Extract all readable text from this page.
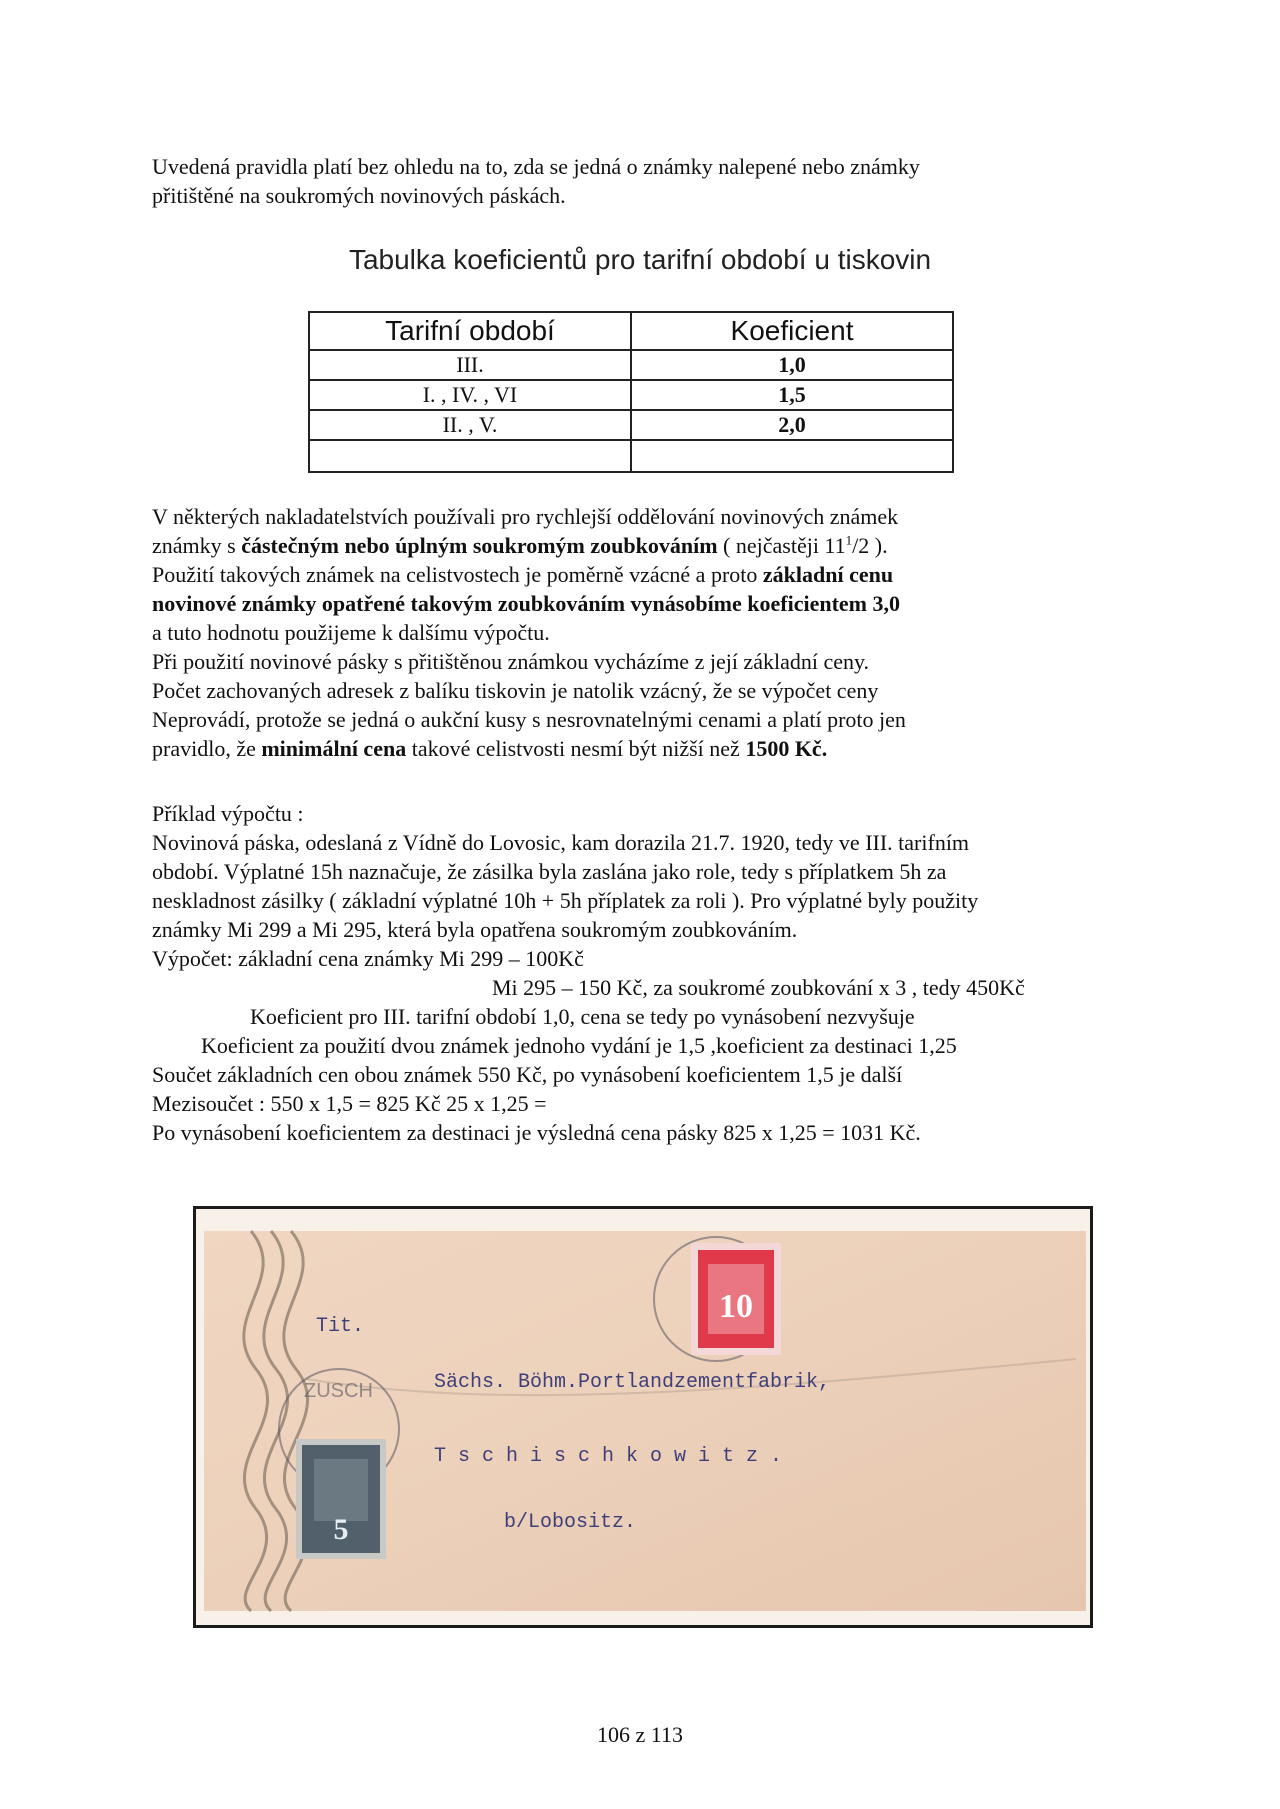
Uvedená pravidla platí bez ohledu na to, zda se jedná o známky nalepené nebo známky
přitištěné na soukromých novinových páskách.
Tabulka koeficientů pro tarifní období u tiskovin
Tarifní období	Koeficient
III.	1,0
I. , IV. , VI	1,5
II. , V.	2,0

V některých nakladatelstvích používali pro rychlejší oddělování novinových známek
známky s částečným nebo úplným soukromým zoubkováním ( nejčastěji $11^1/2$ ).
Použití takových známek na celistvostech je poměrně vzácné a proto základní cenu
novinové známky opatřené takovým zoubkováním vynásobíme koeficientem 3,0
a tuto hodnotu použijeme k dalšímu výpočtu.
Při použití novinové pásky s přitištěnou známkou vycházíme z její základní ceny.
Počet zachovaných adresek z balíku tiskovin je natolik vzácný, že se výpočet ceny
Neprovádí, protože se jedná o aukční kusy s nesrovnatelnými cenami a platí proto jen
pravidlo, že minimální cena takové celistvosti nesmí být nižší než 1500 Kč.
Příklad výpočtu :
Novinová páska, odeslaná z Vídně do Lovosic, kam dorazila 21.7. 1920, tedy ve III. tarifním
období. Výplatné 15h naznačuje, že zásilka byla zaslána jako role, tedy s příplatkem 5h za
neskladnost zásilky ( základní výplatné 10h + 5h příplatek za roli ). Pro výplatné byly použity
známky Mi 299 a Mi 295, která byla opatřena soukromým zoubkováním.
Výpočet: základní cena známky Mi 299 – 100Kč
Mi 295 – 150 Kč, za soukromé zoubkování x 3 , tedy 450Kč
Koeficient pro III. tarifní období 1,0, cena se tedy po vynásobení nezvyšuje
Koeficient za použití dvou známek jednoho vydání je 1,5 ,koeficient za destinaci 1,25
Součet základních cen obou známek 550 Kč, po vynásobení koeficientem 1,5 je další
Mezisoučet : 550 x 1,5 = 825 Kč 25 x 1,25 =
Po vynásobení koeficientem za destinaci je výsledná cena pásky 825 x 1,25 = 1031 Kč.
ZUSCH
10
5
Tit.
Sächs. Böhm.Portlandzementfabrik,
T s c h i s c h k o w i t z .
b/Lobositz.
106 z 113
